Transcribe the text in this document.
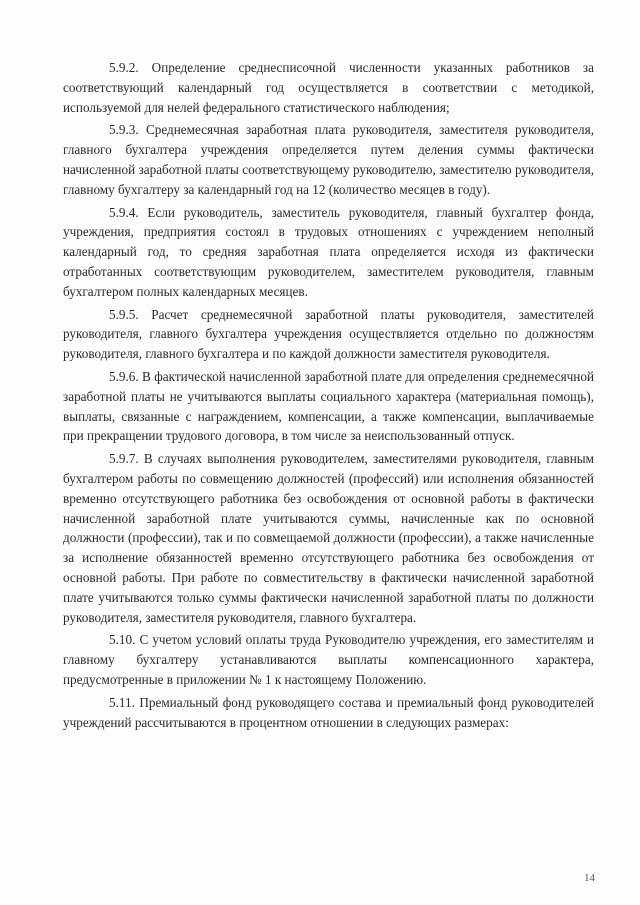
5.9.2. Определение среднесписочной численности указанных работников за соответствующий календарный год осуществляется в соответствии с методикой, используемой для нелей федерального статистического наблюдения;

5.9.3. Среднемесячная заработная плата руководителя, заместителя руководителя, главного бухгалтера учреждения определяется путем деления суммы фактически начисленной заработной платы соответствующему руководителю, заместителю руководителя, главному бухгалтеру за календарный год на 12 (количество месяцев в году).

5.9.4. Если руководитель, заместитель руководителя, главный бухгалтер фонда, учреждения, предприятия состоял в трудовых отношениях с учреждением неполный календарный год, то средняя заработная плата определяется исходя из фактически отработанных соответствующим руководителем, заместителем руководителя, главным бухгалтером полных календарных месяцев.

5.9.5. Расчет среднемесячной заработной платы руководителя, заместителей руководителя, главного бухгалтера учреждения осуществляется отдельно по должностям руководителя, главного бухгалтера и по каждой должности заместителя руководителя.

5.9.6. В фактической начисленной заработной плате для определения среднемесячной заработной платы не учитываются выплаты социального характера (материальная помощь), выплаты, связанные с награждением, компенсации, а также компенсации, выплачиваемые при прекращении трудового договора, в том числе за неиспользованный отпуск.

5.9.7. В случаях выполнения руководителем, заместителями руководителя, главным бухгалтером работы по совмещению должностей (профессий) или исполнения обязанностей временно отсутствующего работника без освобождения от основной работы в фактически начисленной заработной плате учитываются суммы, начисленные как по основной должности (профессии), так и по совмещаемой должности (профессии), а также начисленные за исполнение обязанностей временно отсутствующего работника без освобождения от основной работы. При работе по совместительству в фактически начисленной заработной плате учитываются только суммы фактически начисленной заработной платы по должности руководителя, заместителя руководителя, главного бухгалтера.

5.10. С учетом условий оплаты труда Руководителю учреждения, его заместителям и главному бухгалтеру устанавливаются выплаты компенсационного характера, предусмотренные в приложении № 1 к настоящему Положению.

5.11. Премиальный фонд руководящего состава и премиальный фонд руководителей учреждений рассчитываются в процентном отношении в следующих размерах:

14
